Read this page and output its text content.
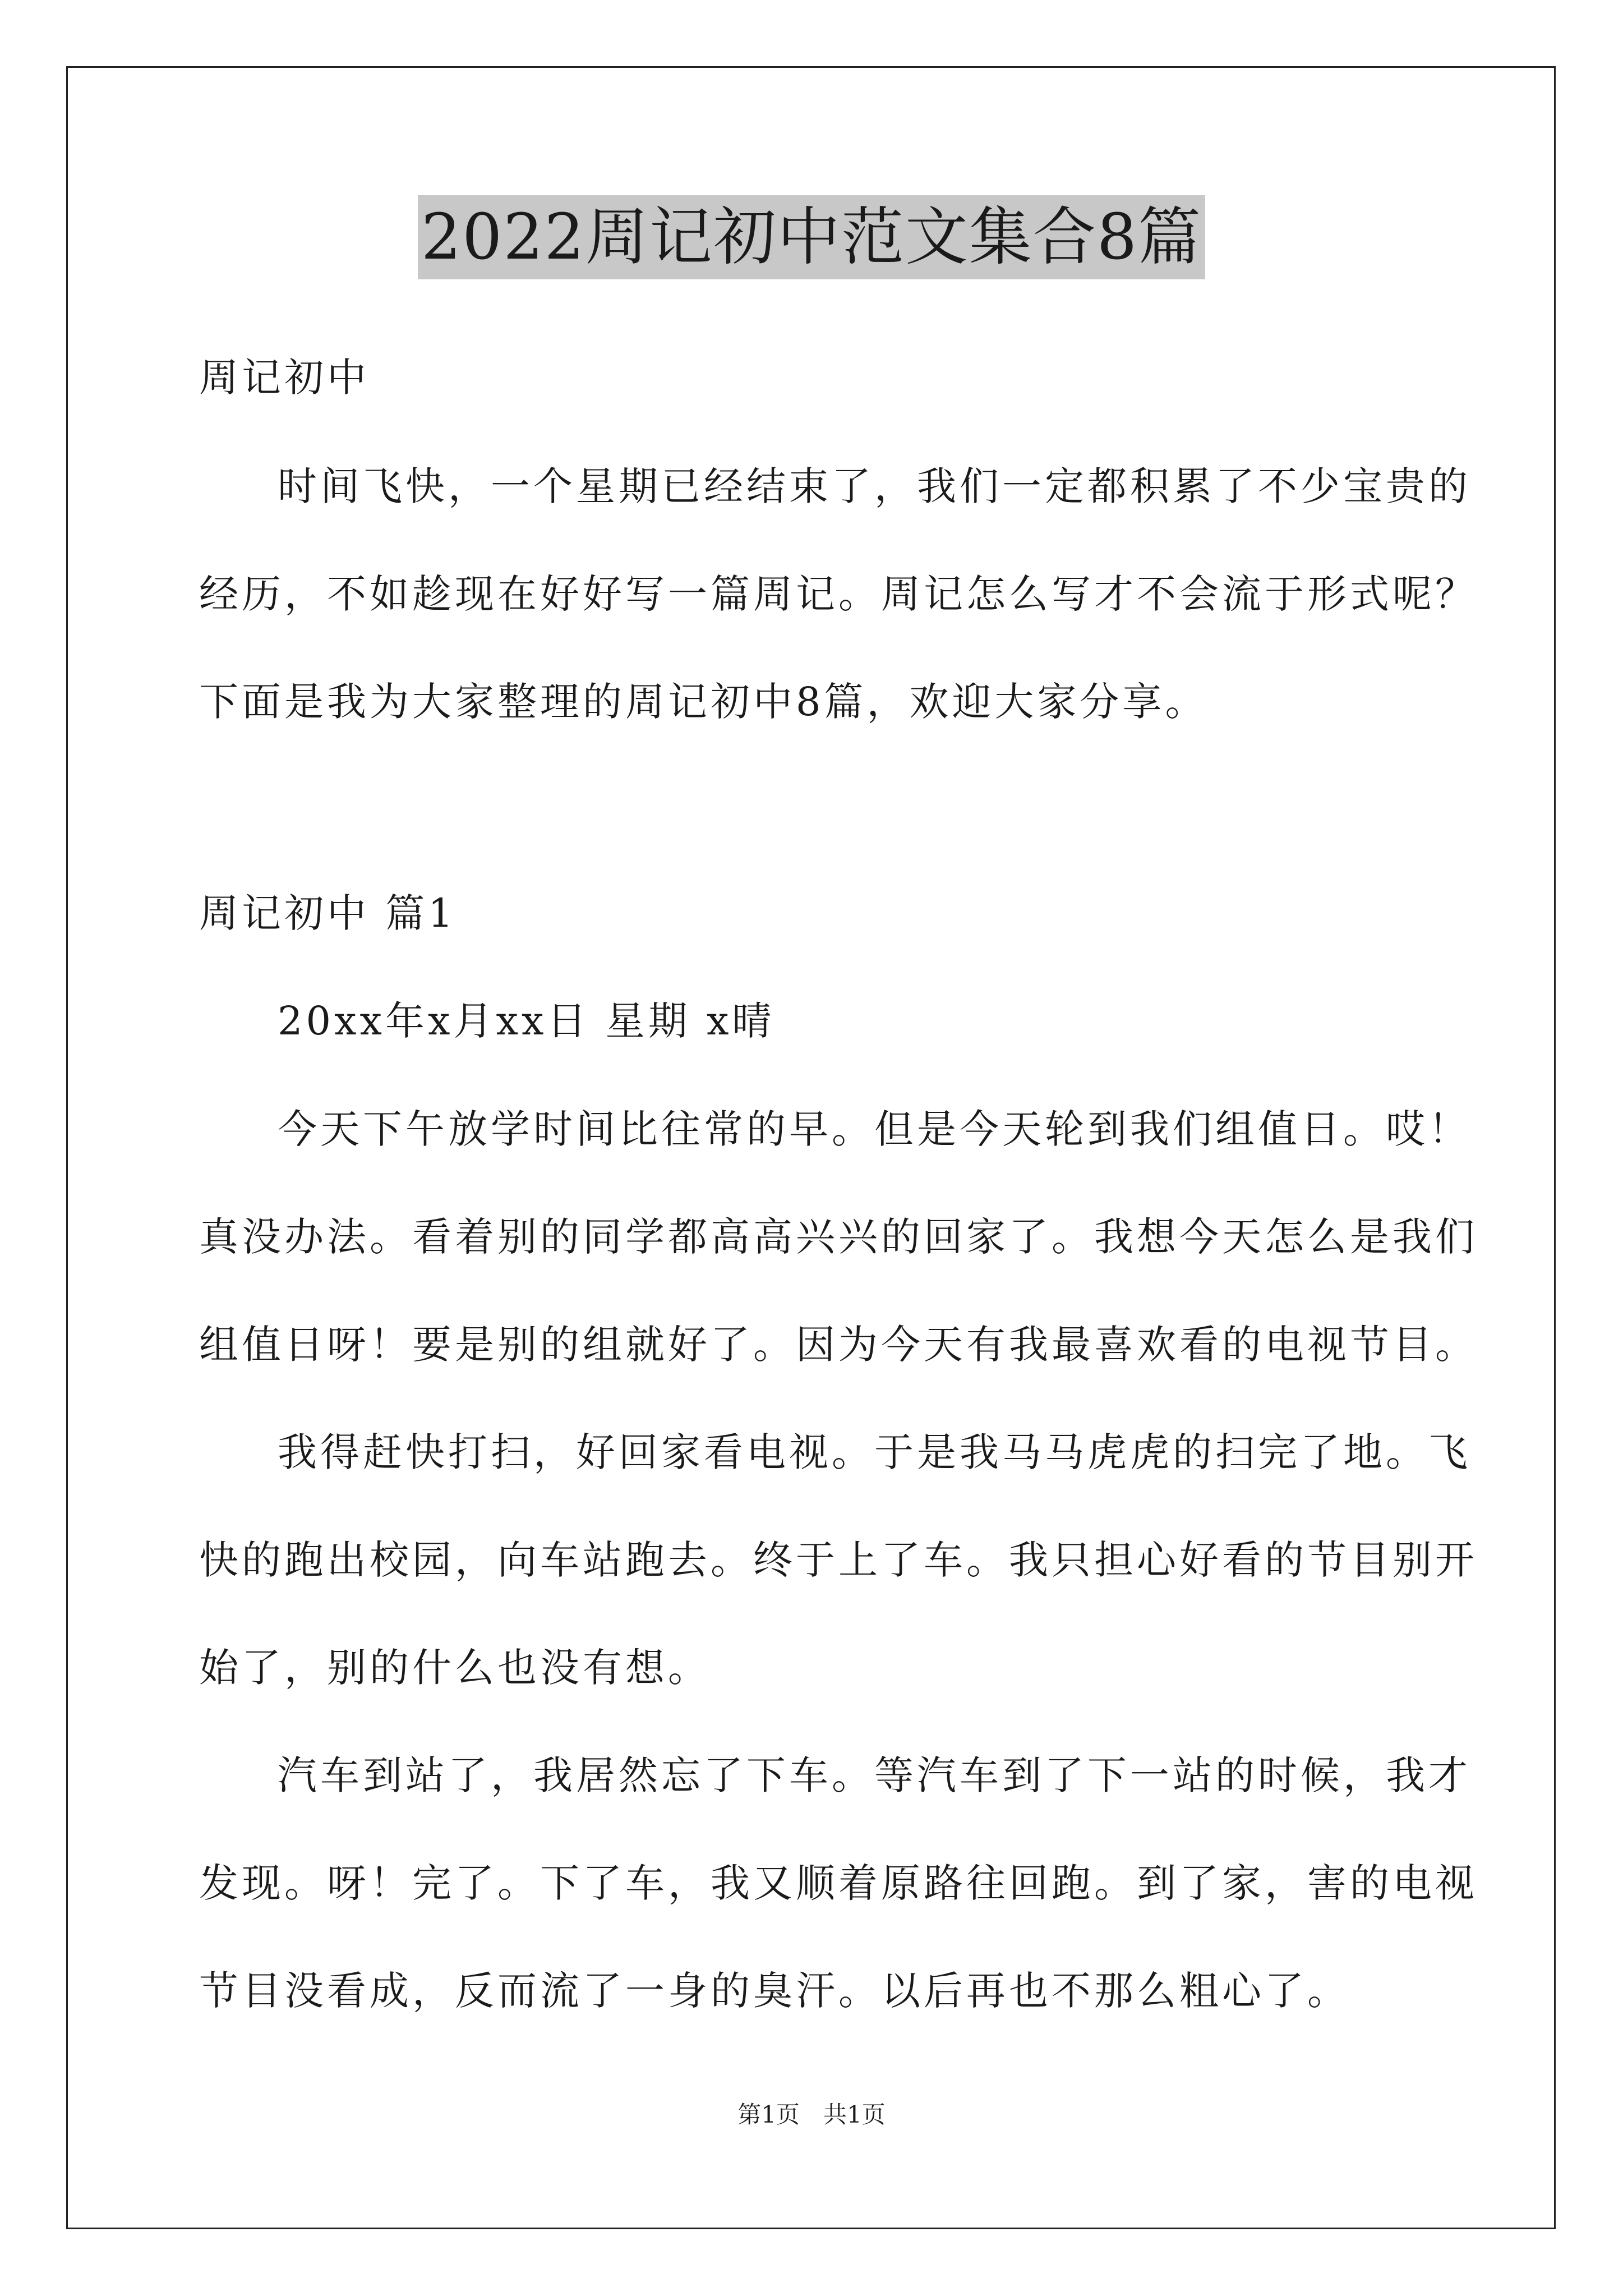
2022周记初中范文集合8篇
周记初中
时间飞快，一个星期已经结束了，我们一定都积累了不少宝贵的
经历，不如趁现在好好写一篇周记。周记怎么写才不会流于形式呢？
下面是我为大家整理的周记初中8篇，欢迎大家分享。
周记初中 篇1
20xx年x月xx日 星期 x晴
今天下午放学时间比往常的早。但是今天轮到我们组值日。哎！
真没办法。看着别的同学都高高兴兴的回家了。我想今天怎么是我们
组值日呀！要是别的组就好了。因为今天有我最喜欢看的电视节目。
我得赶快打扫，好回家看电视。于是我马马虎虎的扫完了地。飞
快的跑出校园，向车站跑去。终于上了车。我只担心好看的节目别开
始了，别的什么也没有想。
汽车到站了，我居然忘了下车。等汽车到了下一站的时候，我才
发现。呀！完了。下了车，我又顺着原路往回跑。到了家，害的电视
节目没看成，反而流了一身的臭汗。以后再也不那么粗心了。
第1页　共1页
